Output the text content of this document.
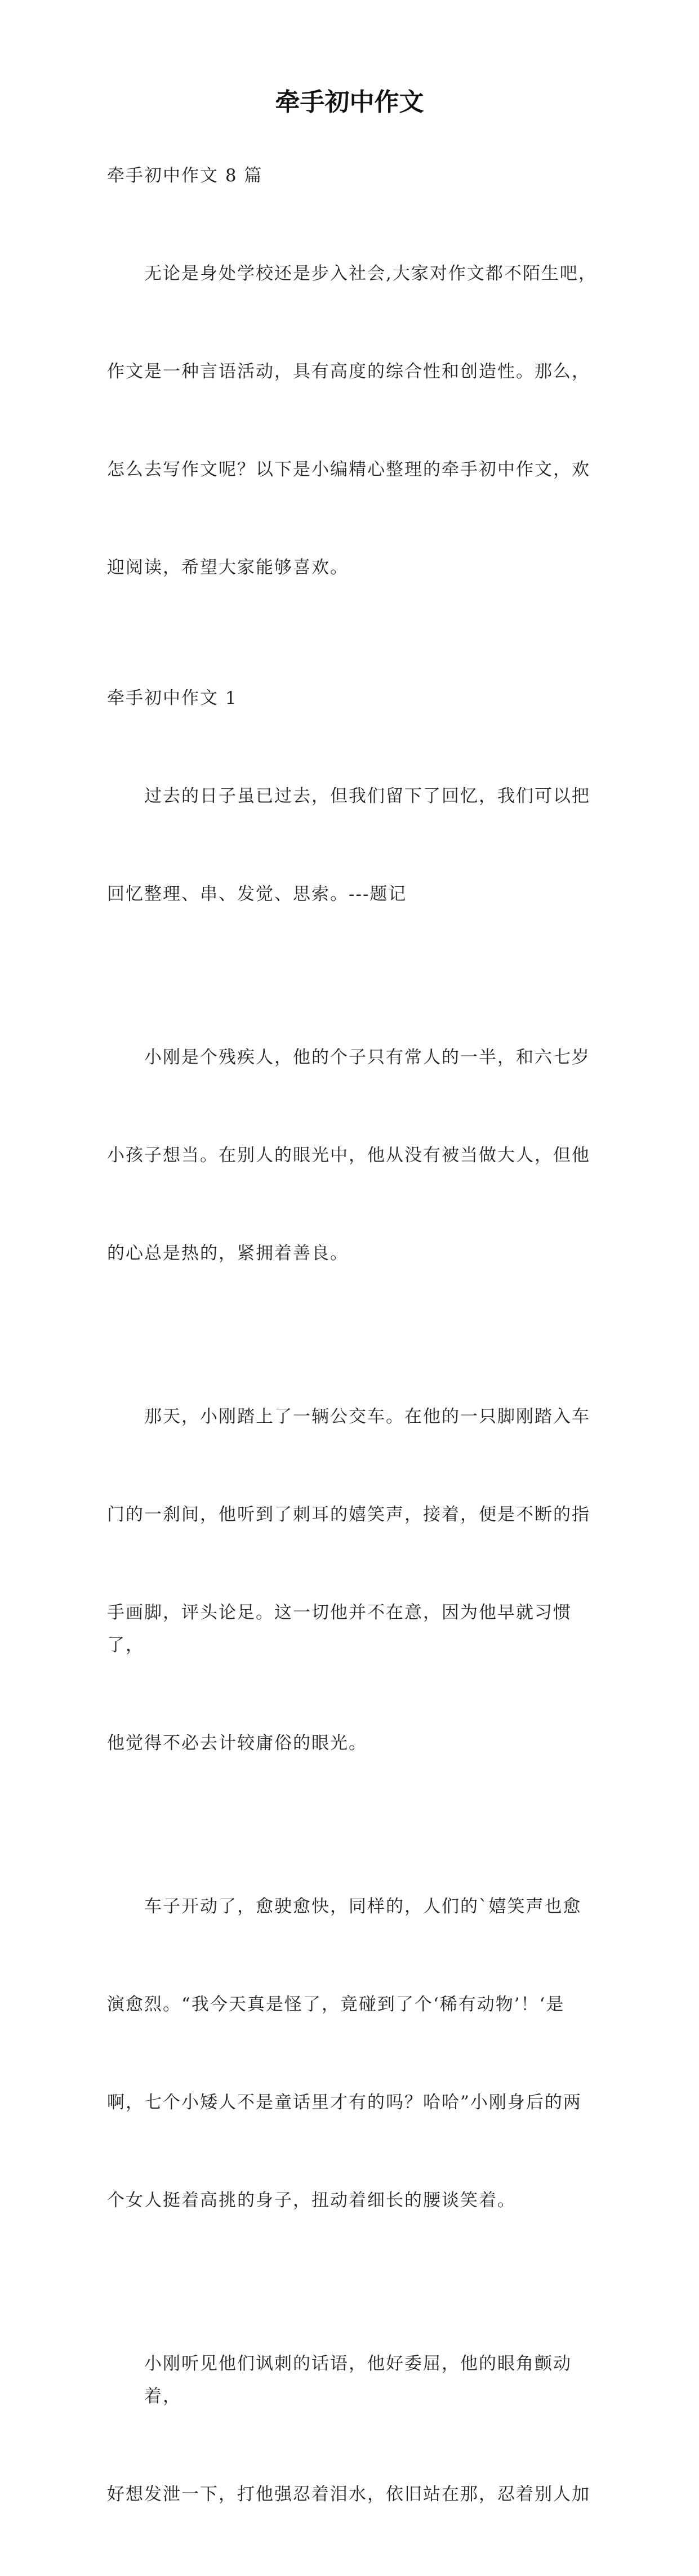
牵手初中作文

牵手初中作文 8 篇

无论是身处学校还是步入社会,大家对作文都不陌生吧，

作文是一种言语活动，具有高度的综合性和创造性。那么，

怎么去写作文呢？以下是小编精心整理的牵手初中作文，欢

迎阅读，希望大家能够喜欢。

牵手初中作文 1

过去的日子虽已过去，但我们留下了回忆，我们可以把

回忆整理、串、发觉、思索。---题记

小刚是个残疾人，他的个子只有常人的一半，和六七岁

小孩子想当。在别人的眼光中，他从没有被当做大人，但他

的心总是热的，紧拥着善良。

那天，小刚踏上了一辆公交车。在他的一只脚刚踏入车

门的一刹间，他听到了刺耳的嬉笑声，接着，便是不断的指

手画脚，评头论足。这一切他并不在意，因为他早就习惯了，

他觉得不必去计较庸俗的眼光。

车子开动了，愈驶愈快，同样的，人们的`嬉笑声也愈

演愈烈。“我今天真是怪了，竟碰到了个‘稀有动物’！‘是

啊，七个小矮人不是童话里才有的吗？哈哈”小刚身后的两

个女人挺着高挑的身子，扭动着细长的腰谈笑着。

小刚听见他们讽刺的话语，他好委屈，他的眼角颤动着，

好想发泄一下，打他强忍着泪水，依旧站在那，忍着别人加
